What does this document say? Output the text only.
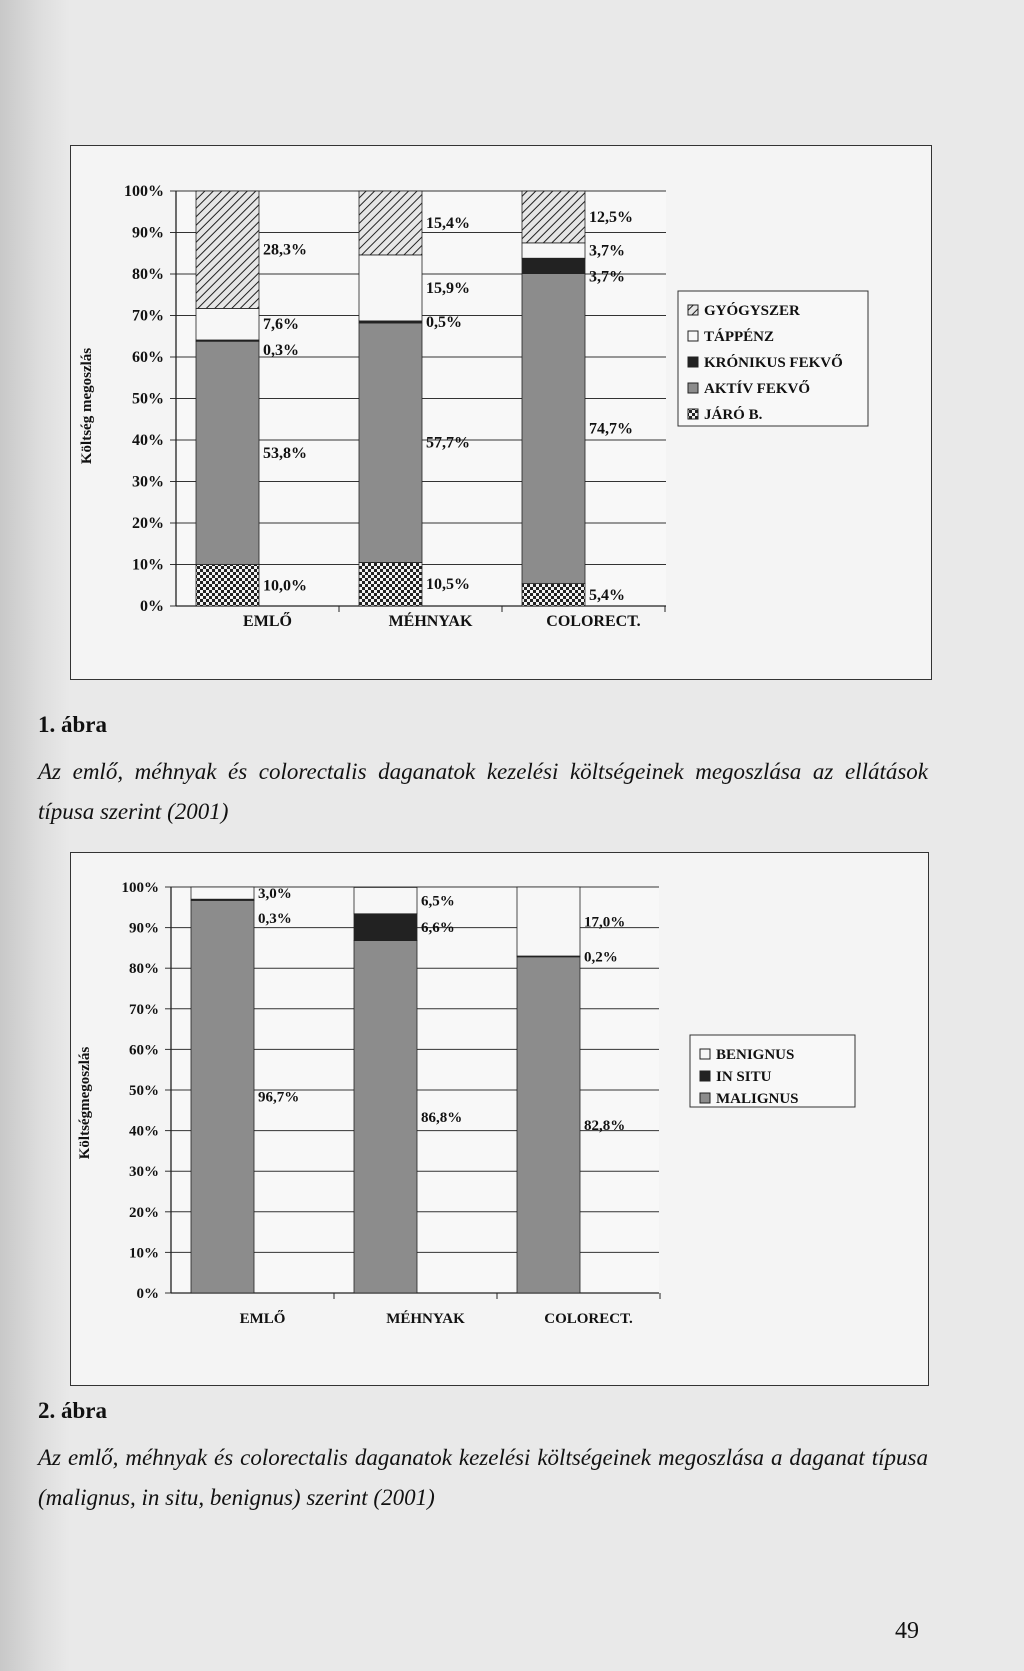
0%
10%
20%
30%
40%
50%
60%
70%
80%
90%
100%
Költség megoszlás
EMLŐ	MÉHNYAK	COLORECT.
10,0%
53,8%
0,3%
7,6%
28,3%
10,5%
57,7%
0,5%
15,9%
15,4%
5,4%
74,7%
3,7%
3,7%
12,5%
GYÓGYSZER
TÁPPÉNZ
KRÓNIKUS FEKVŐ
AKTÍV FEKVŐ
JÁRÓ B.
1. ábra
Az emlő, méhnyak és colorectalis daganatok kezelési költségeinek megoszlása az ellátások típusa szerint (2001)
0%
10%
20%
30%
40%
50%
60%
70%
80%
90%
100%
Költségmegoszlás
EMLŐ	MÉHNYAK	COLORECT.
96,7%
0,3%
3,0%
86,8%
6,6%
6,5%
82,8%
0,2%
17,0%
BENIGNUS
IN SITU
MALIGNUS
2. ábra
Az emlő, méhnyak és colorectalis daganatok kezelési költségeinek megoszlása a daganat típusa (malignus, in situ, benignus) szerint (2001)
49
